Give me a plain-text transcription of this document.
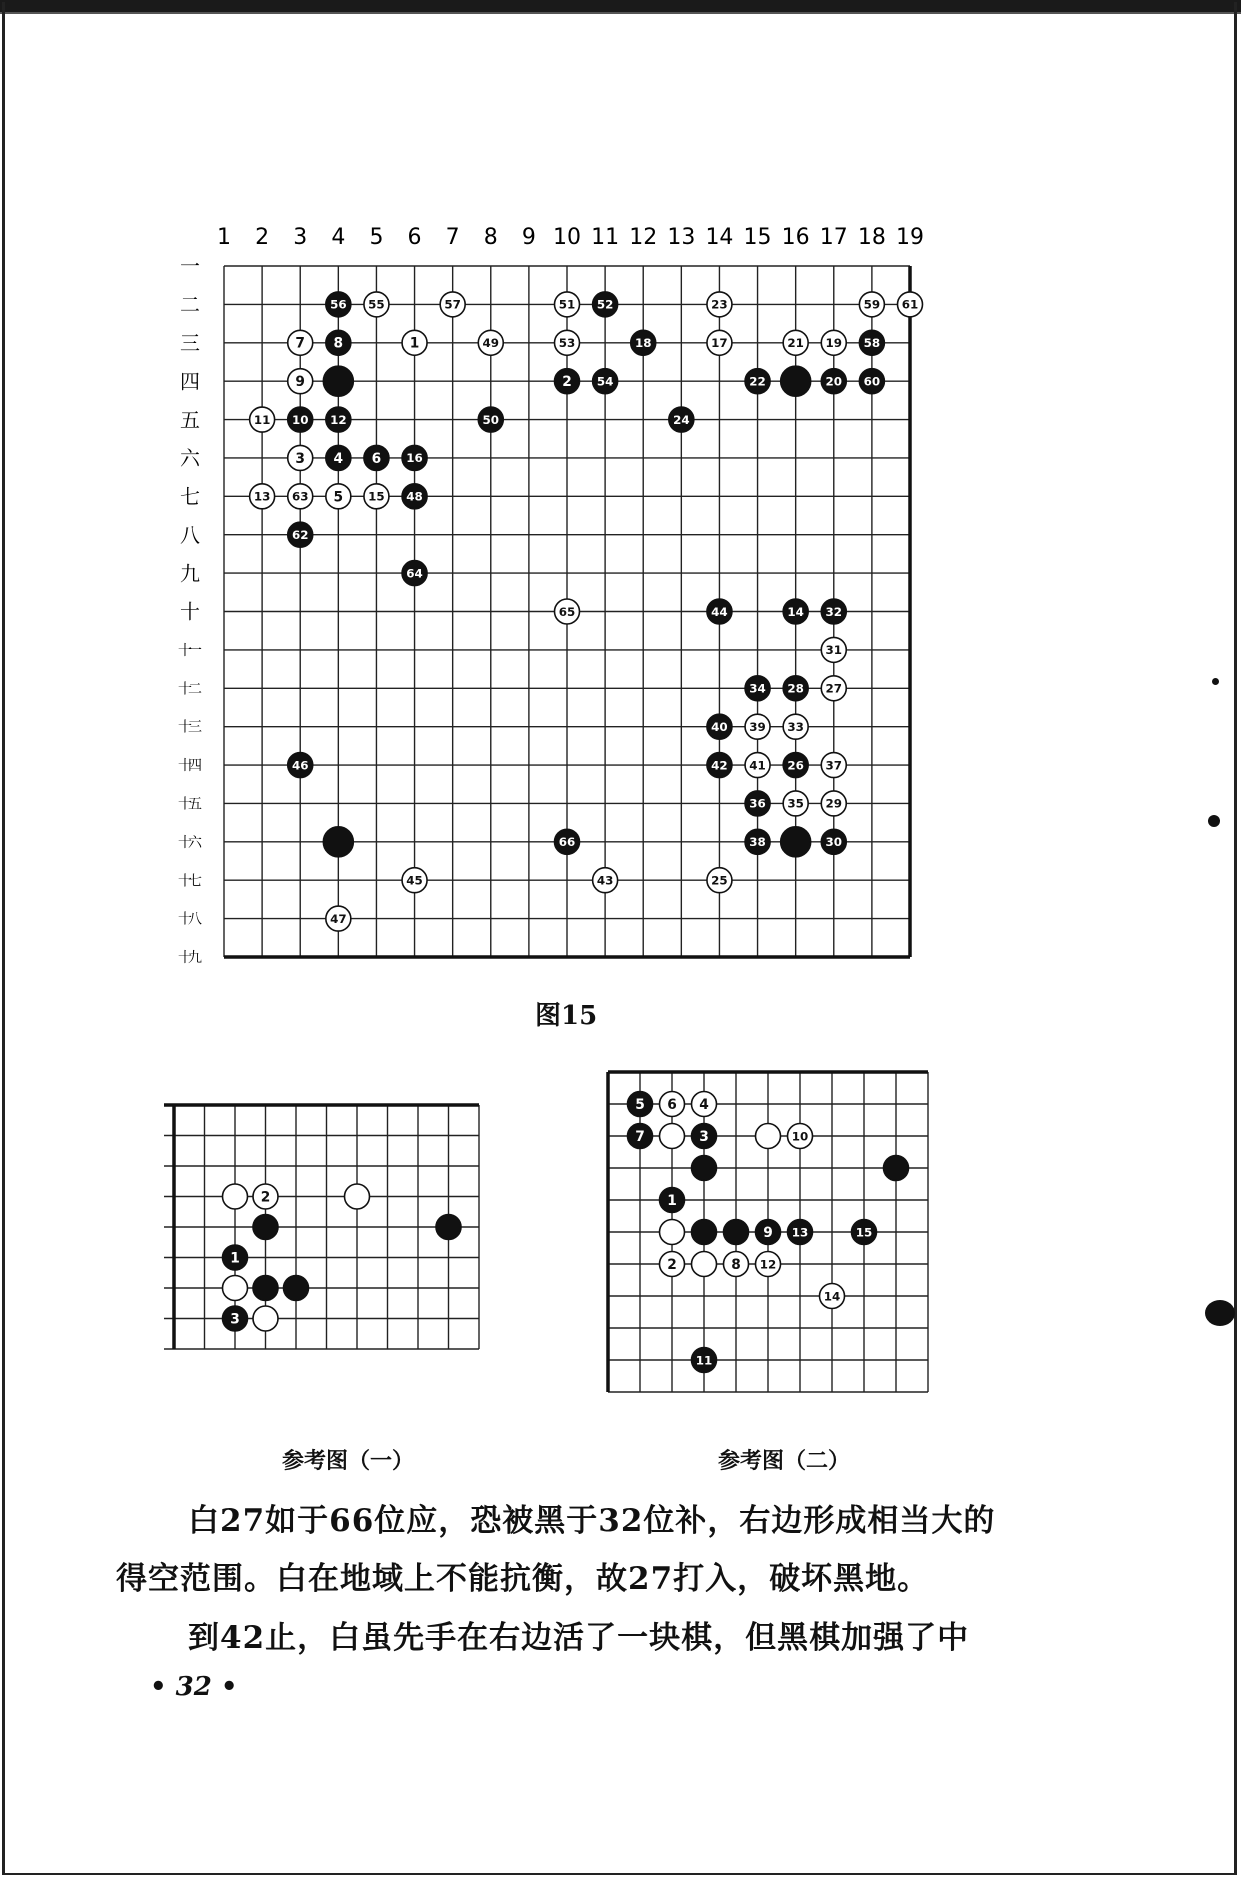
1 2 3 4 5 6 7 8 9 10 11 12 13 14 15 16 17 18 19
一
二
三
四
五
六
七
八
九
十
十一
十二
十三
十四
十五
十六
十七
十八
十九
56 55	57	51 52	23	59 61
7 8	1	49	53	18	17	21 19 58
9	2 54	22	20 60
11 10 12	50	24
3 4 6 16
13 63 5 15 48
62
64
65	44	14 32
31
34 28 27
40 39 33
46	42 41 26 37
36 35 29
66	38	30
45	43	25
47
图15
2
1
3
5 6 4
7	3	10
1
9 13	15
2	8 12
14
11
参考图（一）	参考图（二）
白27如于66位应，恐被黑于32位补，右边形成相当大的
得空范围。白在地域上不能抗衡，故27打入，破坏黑地。
到42止，白虽先手在右边活了一块棋，但黑棋加强了中
• 32 •
